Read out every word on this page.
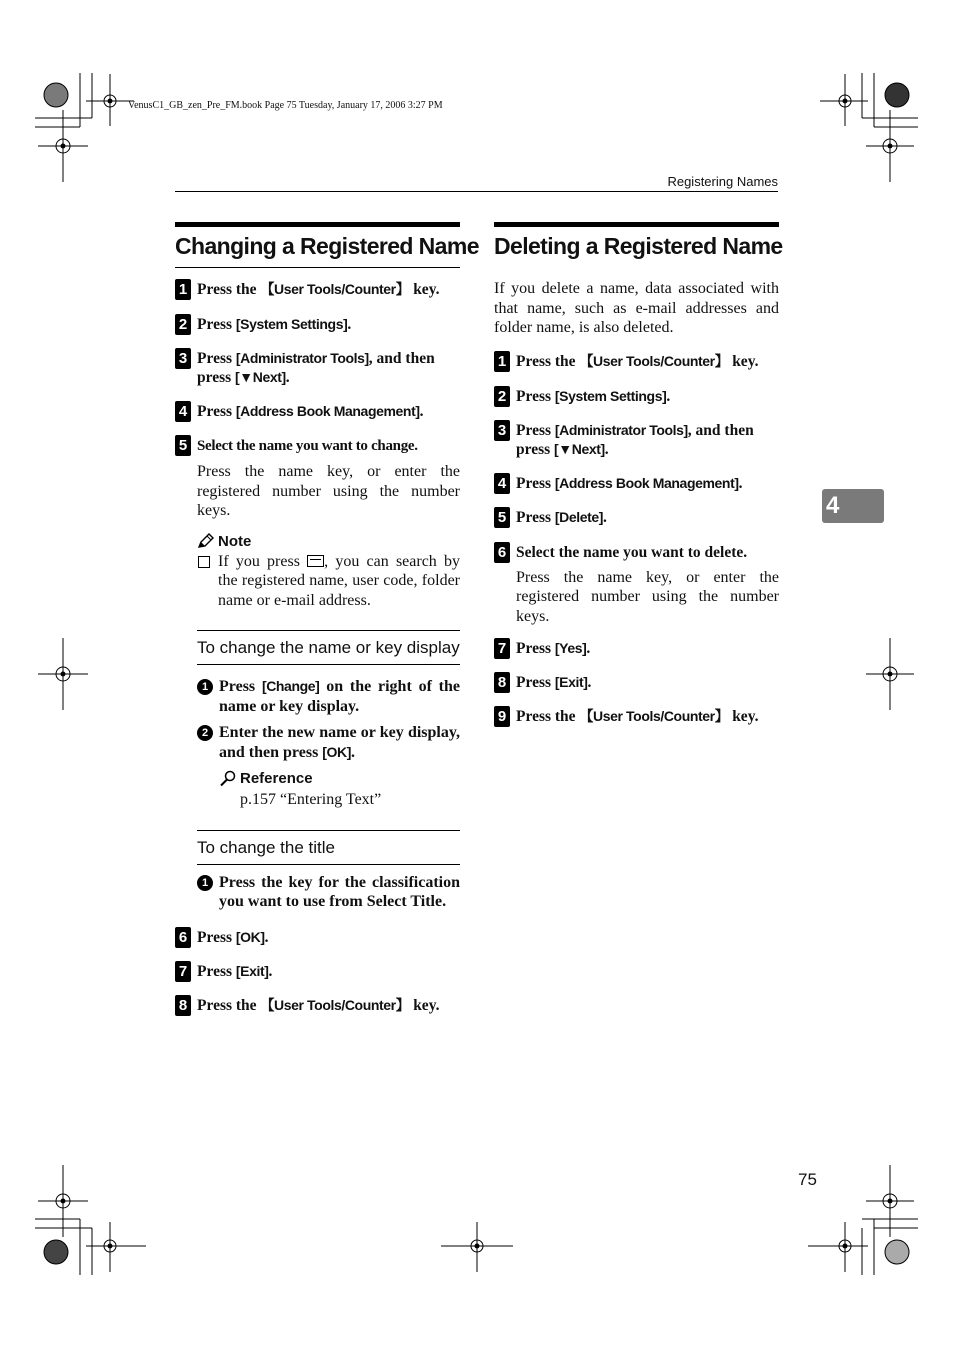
VenusC1_GB_zen_Pre_FM.book Page 75 Tuesday, January 17, 2006 3:27 PM
Registering Names
Changing a Registered Name
1 Press the 【User Tools/Counter】 key.
2 Press [System Settings].
3 Press [Administrator Tools], and then press [▼Next].
4 Press [Address Book Management].
5 Select the name you want to change.
Press the name key, or enter the registered number using the number keys.
Note
If you press , you can search by the registered name, user code, folder name or e-mail address.
To change the name or key display
1 Press [Change] on the right of the name or key display.
2 Enter the new name or key display, and then press [OK].
Reference
p.157 “Entering Text”
To change the title
1 Press the key for the classification you want to use from Select Title.
6 Press [OK].
7 Press [Exit].
8 Press the 【User Tools/Counter】 key.
Deleting a Registered Name
If you delete a name, data associated with that name, such as e-mail addresses and folder name, is also deleted.
1 Press the 【User Tools/Counter】 key.
2 Press [System Settings].
3 Press [Administrator Tools], and then press [▼Next].
4 Press [Address Book Management].
5 Press [Delete].
6 Select the name you want to delete.
Press the name key, or enter the registered number using the number keys.
7 Press [Yes].
8 Press [Exit].
9 Press the 【User Tools/Counter】 key.
4
75
